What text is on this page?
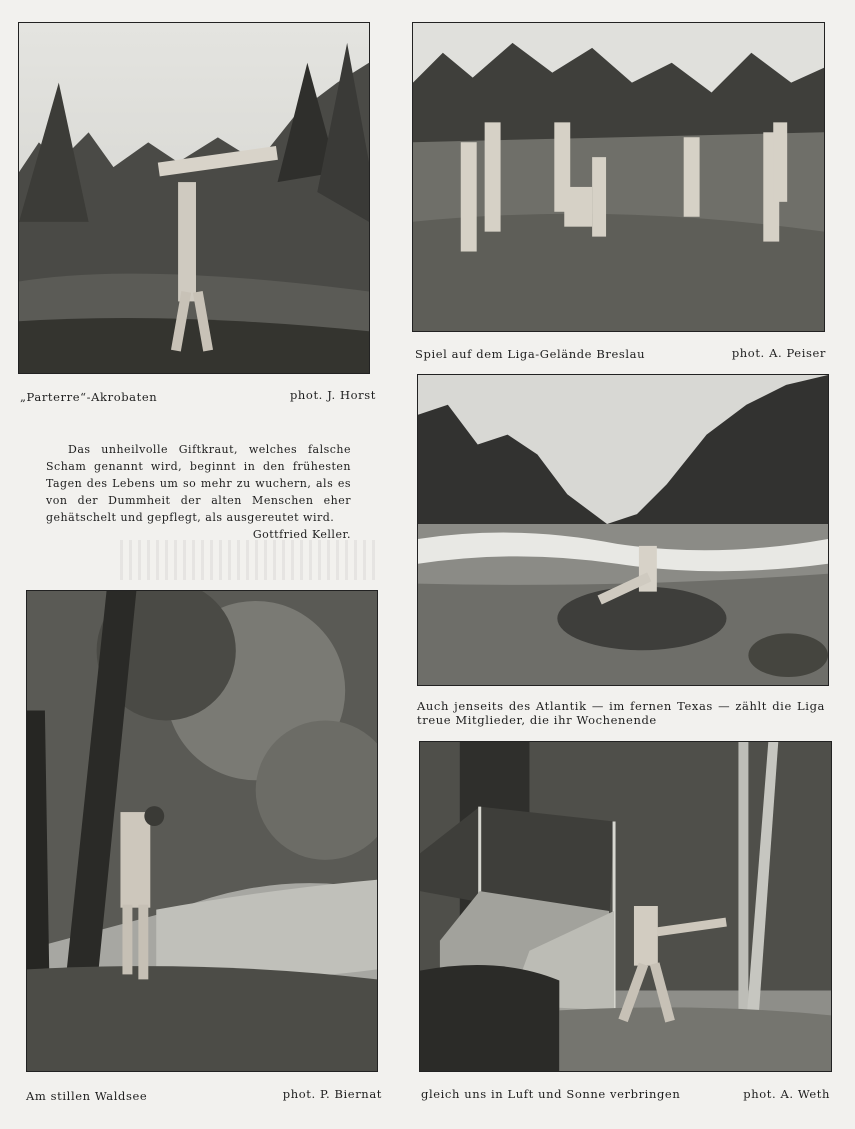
„Parterre“-Akrobaten	phot. J. Horst
Das unheilvolle Giftkraut, welches falsche Scham genannt wird, beginnt in den frühesten Tagen des Lebens um so mehr zu wuchern, als es von der Dummheit der alten Menschen eher gehätschelt und gepflegt, als ausgereutet wird.
Gottfried Keller.
Spiel auf dem Liga-Gelände Breslau	phot. A. Peiser
Auch jenseits des Atlantik — im fernen Texas — zählt die Liga treue Mitglieder, die ihr Wochenende
Am stillen Waldsee	phot. P. Biernat	gleich uns in Luft und Sonne verbringen	phot. A. Weth
